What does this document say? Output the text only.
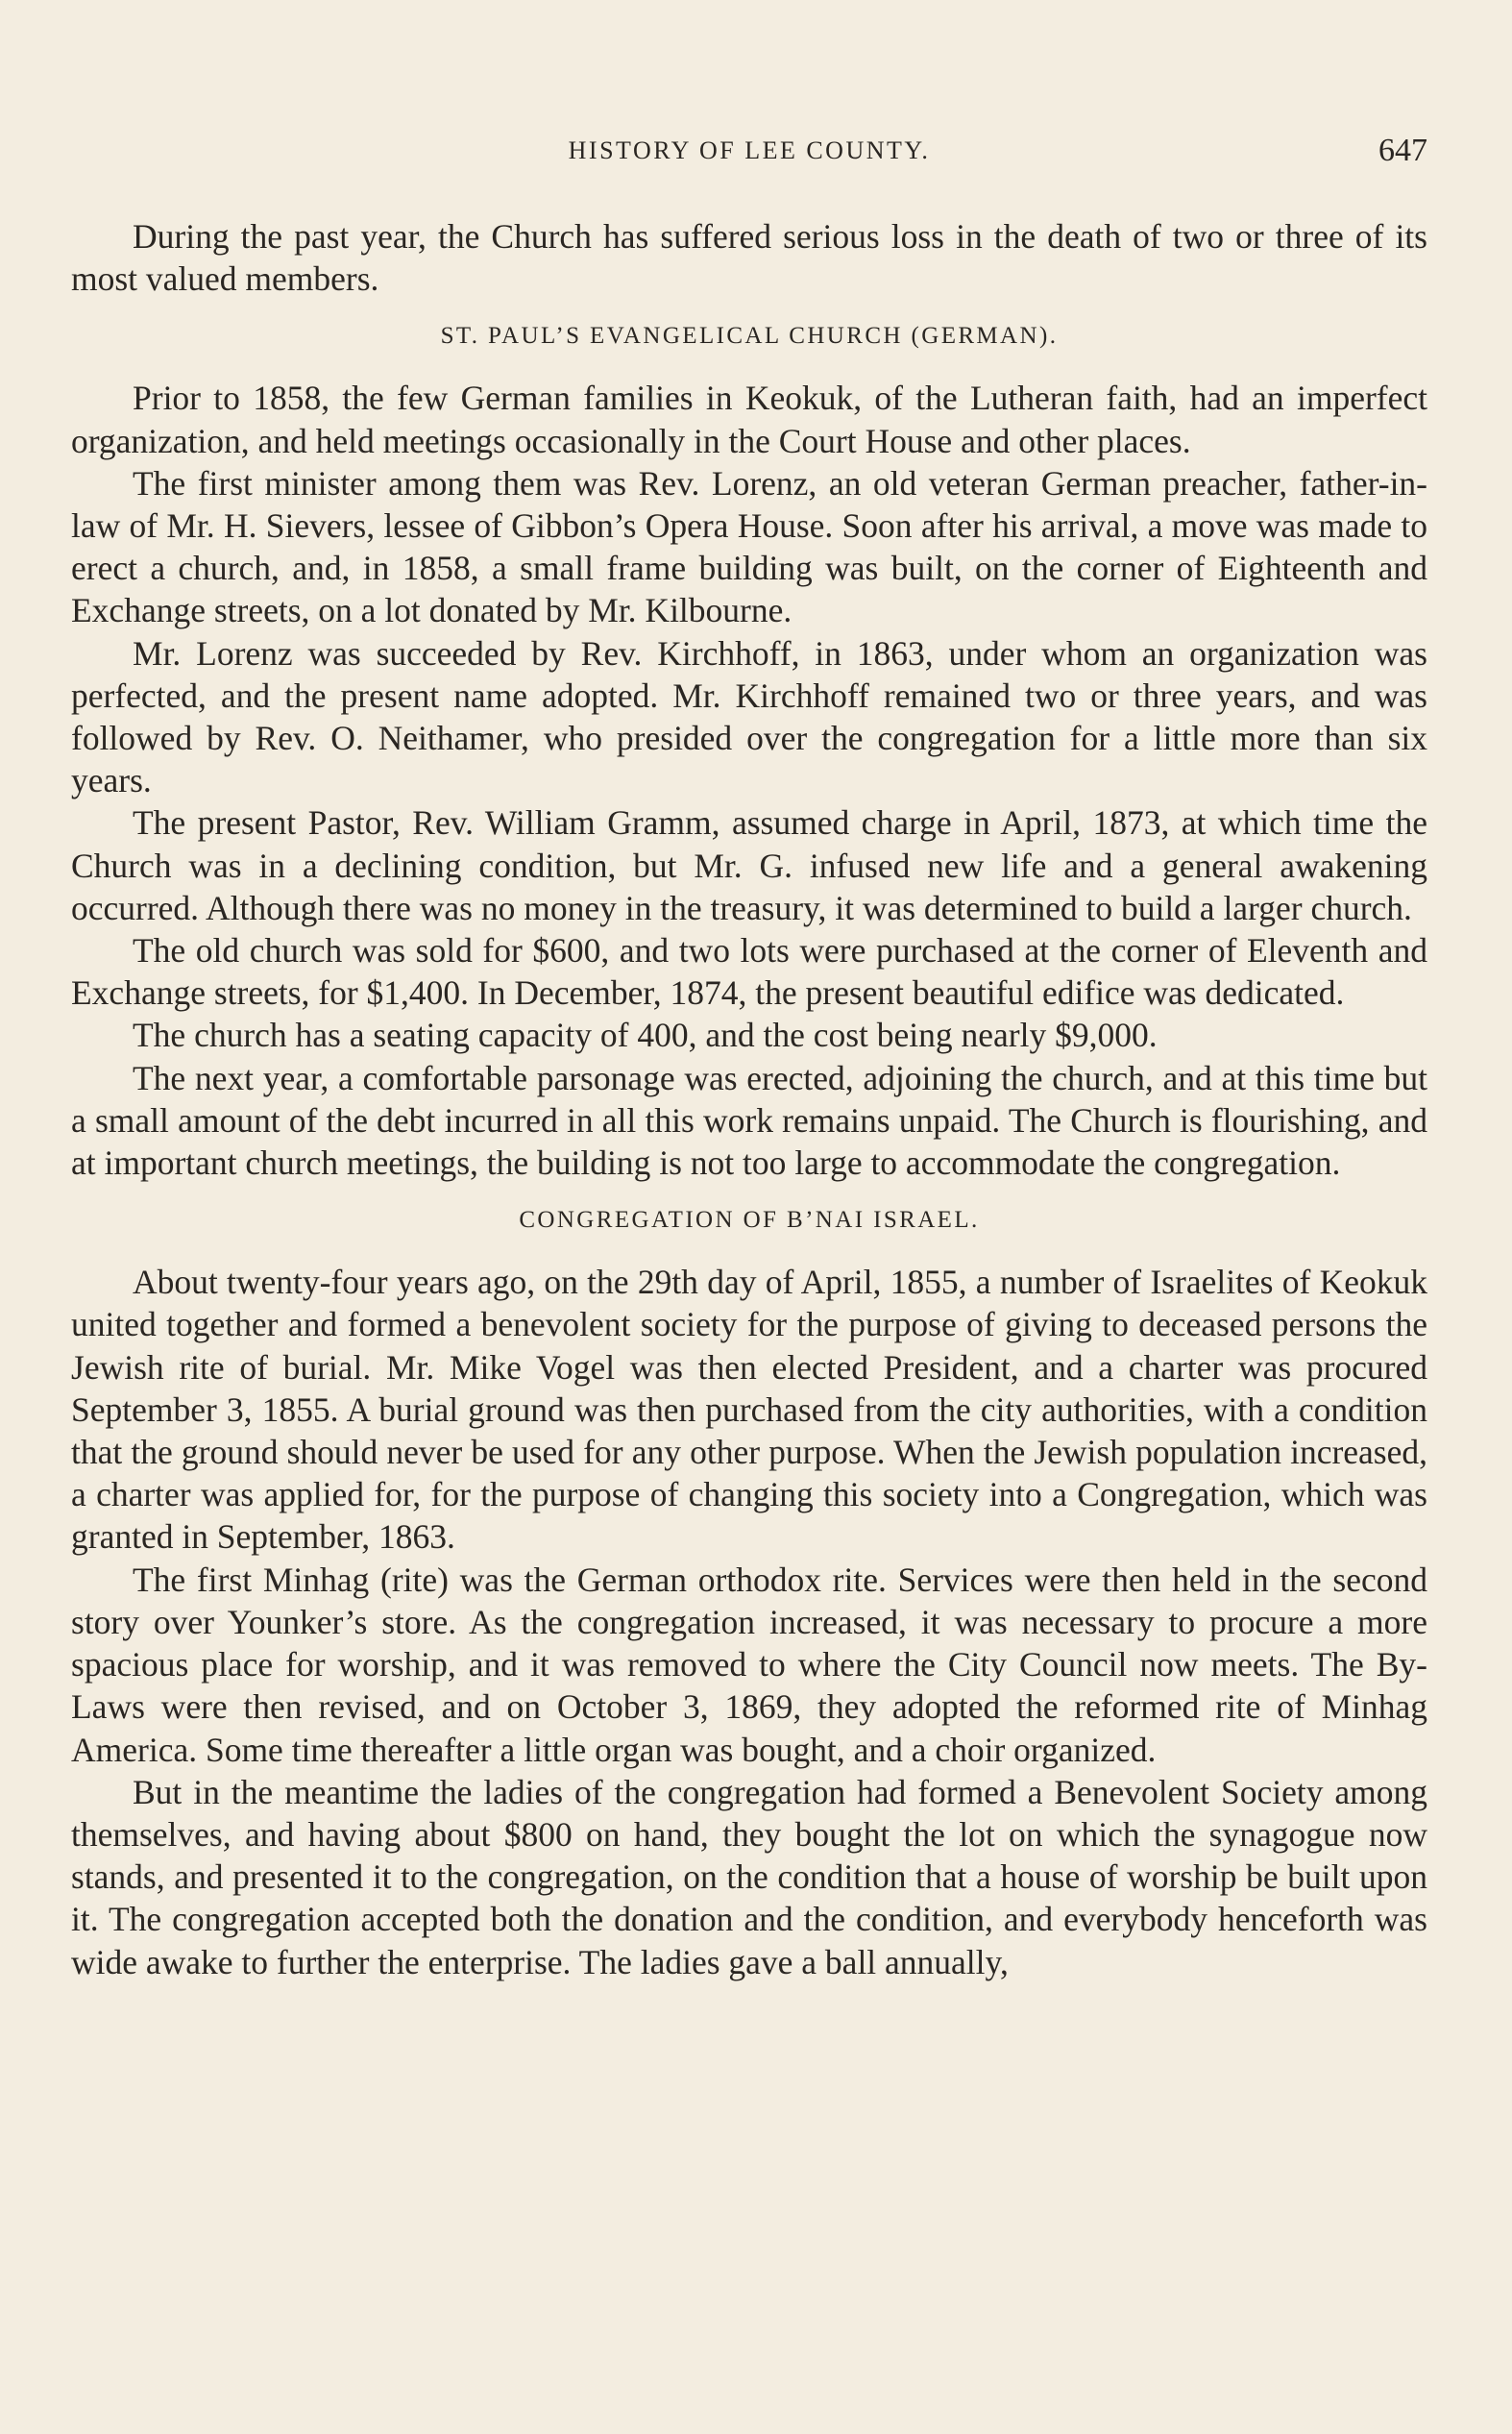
HISTORY OF LEE COUNTY.	647

During the past year, the Church has suffered serious loss in the death of two or three of its most valued members.

ST. PAUL’S EVANGELICAL CHURCH (GERMAN).

Prior to 1858, the few German families in Keokuk, of the Lutheran faith, had an imperfect organization, and held meetings occasionally in the Court House and other places.

The first minister among them was Rev. Lorenz, an old veteran German preacher, father-in-law of Mr. H. Sievers, lessee of Gibbon’s Opera House. Soon after his arrival, a move was made to erect a church, and, in 1858, a small frame building was built, on the corner of Eighteenth and Exchange streets, on a lot donated by Mr. Kilbourne.

Mr. Lorenz was succeeded by Rev. Kirchhoff, in 1863, under whom an organization was perfected, and the present name adopted. Mr. Kirchhoff remained two or three years, and was followed by Rev. O. Neithamer, who presided over the congregation for a little more than six years.

The present Pastor, Rev. William Gramm, assumed charge in April, 1873, at which time the Church was in a declining condition, but Mr. G. infused new life and a general awakening occurred. Although there was no money in the treasury, it was determined to build a larger church.

The old church was sold for $600, and two lots were purchased at the corner of Eleventh and Exchange streets, for $1,400. In December, 1874, the present beautiful edifice was dedicated.

The church has a seating capacity of 400, and the cost being nearly $9,000.

The next year, a comfortable parsonage was erected, adjoining the church, and at this time but a small amount of the debt incurred in all this work remains unpaid. The Church is flourishing, and at important church meetings, the building is not too large to accommodate the congregation.

CONGREGATION OF B’NAI ISRAEL.

About twenty-four years ago, on the 29th day of April, 1855, a number of Israelites of Keokuk united together and formed a benevolent society for the purpose of giving to deceased persons the Jewish rite of burial. Mr. Mike Vogel was then elected President, and a charter was procured September 3, 1855. A burial ground was then purchased from the city authorities, with a condition that the ground should never be used for any other purpose. When the Jewish population increased, a charter was applied for, for the purpose of changing this society into a Congregation, which was granted in September, 1863.

The first Minhag (rite) was the German orthodox rite. Services were then held in the second story over Younker’s store. As the congregation increased, it was necessary to procure a more spacious place for worship, and it was removed to where the City Council now meets. The By-Laws were then revised, and on October 3, 1869, they adopted the reformed rite of Minhag America. Some time thereafter a little organ was bought, and a choir organized.

But in the meantime the ladies of the congregation had formed a Benevolent Society among themselves, and having about $800 on hand, they bought the lot on which the synagogue now stands, and presented it to the congregation, on the condition that a house of worship be built upon it. The congregation accepted both the donation and the condition, and everybody henceforth was wide awake to further the enterprise. The ladies gave a ball annually,
